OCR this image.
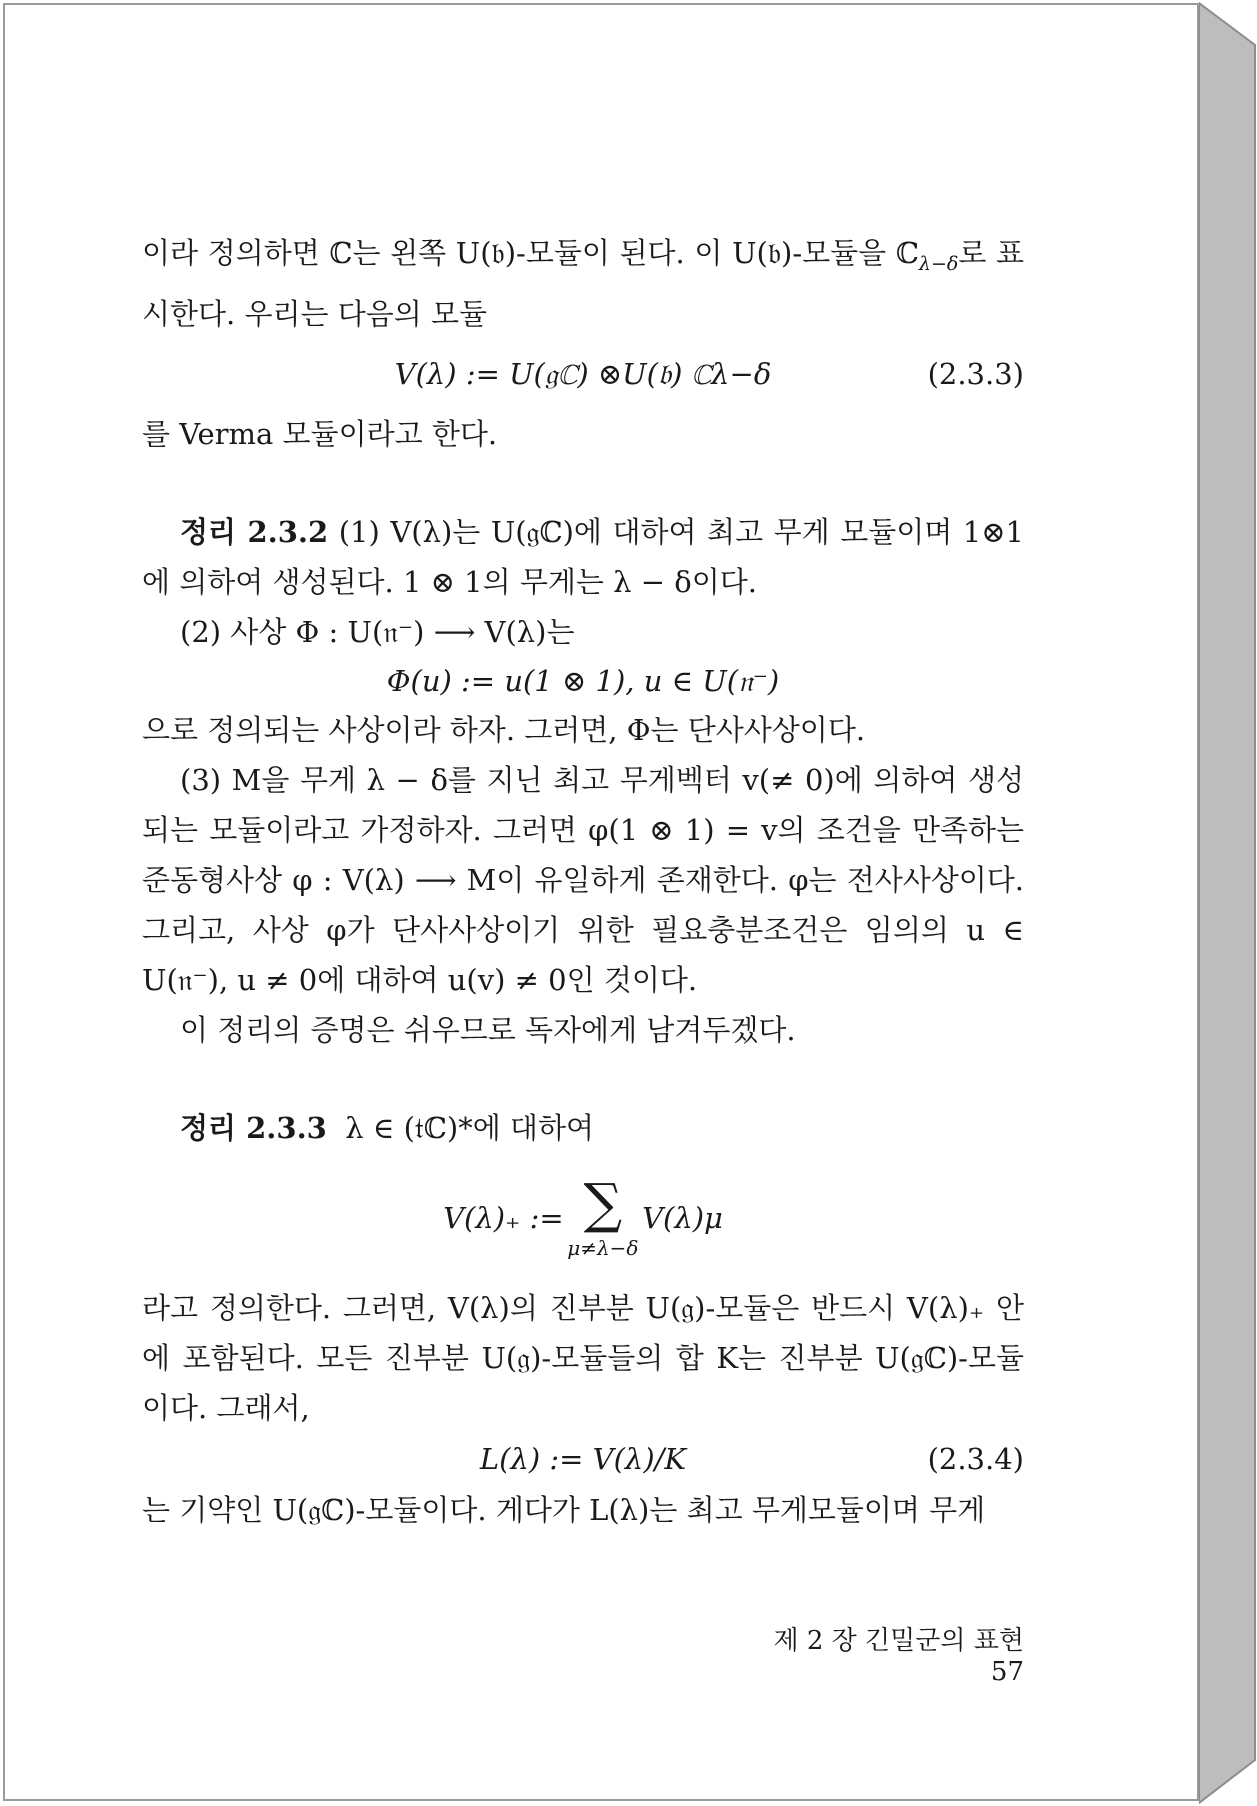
이라 정의하면 ℂ는 왼쪽 U(𝔟)-모듈이 된다. 이 U(𝔟)-모듈을 ℂ$_{\lambda-\delta}$로 표시한다. 우리는 다음의 모듈

V(λ) := U(𝔤ℂ) ⊗U(𝔟) ℂλ−δ	(2.3.3)

를 Verma 모듈이라고 한다.

정리 2.3.2 (1) V(λ)는 U(𝔤ℂ)에 대하여 최고 무게 모듈이며 1⊗1에 의하여 생성된다. 1 ⊗ 1의 무게는 λ − δ이다.

(2) 사상 Φ : U(𝔫⁻) ⟶ V(λ)는

Φ(u) := u(1 ⊗ 1), u ∈ U(𝔫⁻)

으로 정의되는 사상이라 하자. 그러면, Φ는 단사사상이다.

(3) M을 무게 λ − δ를 지닌 최고 무게벡터 v(≠ 0)에 의하여 생성되는 모듈이라고 가정하자. 그러면 φ(1 ⊗ 1) = v의 조건을 만족하는 준동형사상 φ : V(λ) ⟶ M이 유일하게 존재한다. φ는 전사사상이다. 그리고, 사상 φ가 단사사상이기 위한 필요충분조건은 임의의 u ∈ U(𝔫⁻), u ≠ 0에 대하여 u(v) ≠ 0인 것이다.

이 정리의 증명은 쉬우므로 독자에게 남겨두겠다.

정리 2.3.3 λ ∈ (𝔱ℂ)*에 대하여

V(λ)₊ := ∑
μ≠λ−δ
V(λ)μ

라고 정의한다. 그러면, V(λ)의 진부분 U(𝔤)-모듈은 반드시 V(λ)₊ 안에 포함된다. 모든 진부분 U(𝔤)-모듈들의 합 K는 진부분 U(𝔤ℂ)-모듈이다. 그래서,

L(λ) := V(λ)/K	(2.3.4)

는 기약인 U(𝔤ℂ)-모듈이다. 게다가 L(λ)는 최고 무게모듈이며 무게

제 2 장 긴밀군의 표현 57
